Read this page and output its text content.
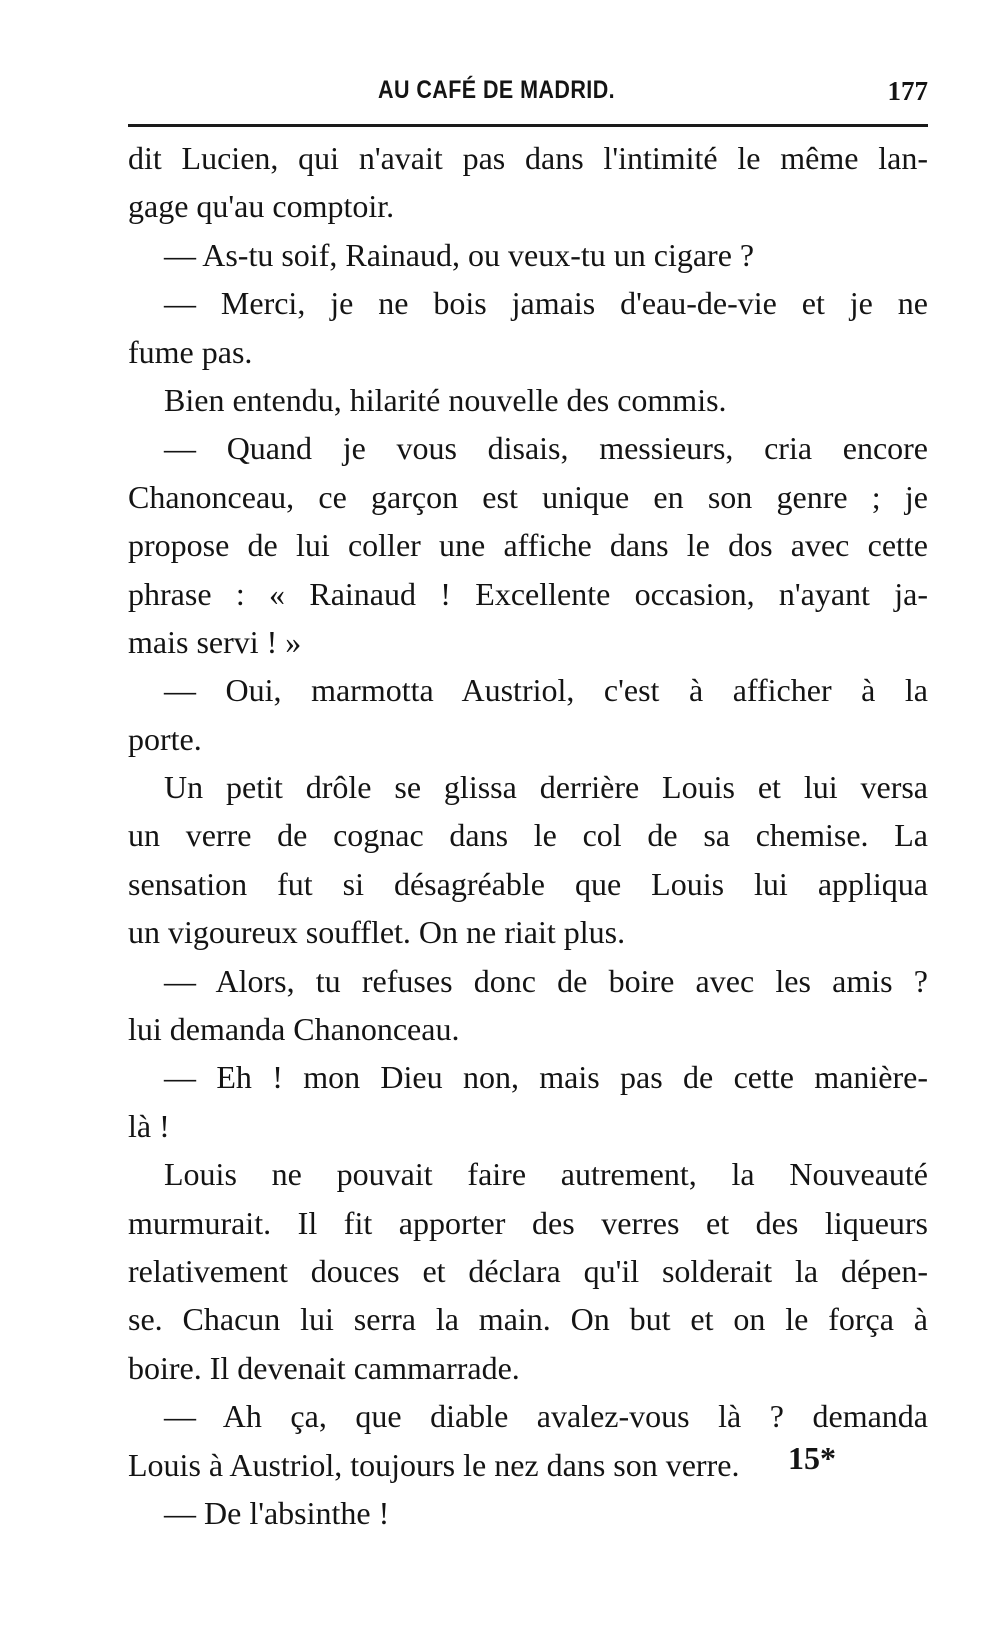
AU CAFÉ DE MADRID.	177
dit Lucien, qui n'avait pas dans l'intimité le même lan-
gage qu'au comptoir.
— As-tu soif, Rainaud, ou veux-tu un cigare ?
— Merci, je ne bois jamais d'eau-de-vie et je ne
fume pas.
Bien entendu, hilarité nouvelle des commis.
— Quand je vous disais, messieurs, cria encore
Chanonceau, ce garçon est unique en son genre ; je
propose de lui coller une affiche dans le dos avec cette
phrase : « Rainaud ! Excellente occasion, n'ayant ja-
mais servi ! »
— Oui, marmotta Austriol, c'est à afficher à la
porte.
Un petit drôle se glissa derrière Louis et lui versa
un verre de cognac dans le col de sa chemise. La
sensation fut si désagréable que Louis lui appliqua
un vigoureux soufflet. On ne riait plus.
— Alors, tu refuses donc de boire avec les amis ?
lui demanda Chanonceau.
— Eh ! mon Dieu non, mais pas de cette manière-
là !
Louis ne pouvait faire autrement, la Nouveauté
murmurait. Il fit apporter des verres et des liqueurs
relativement douces et déclara qu'il solderait la dépen-
se. Chacun lui serra la main. On but et on le força à
boire. Il devenait cammarrade.
— Ah ça, que diable avalez-vous là ? demanda
Louis à Austriol, toujours le nez dans son verre.
— De l'absinthe !
15*
